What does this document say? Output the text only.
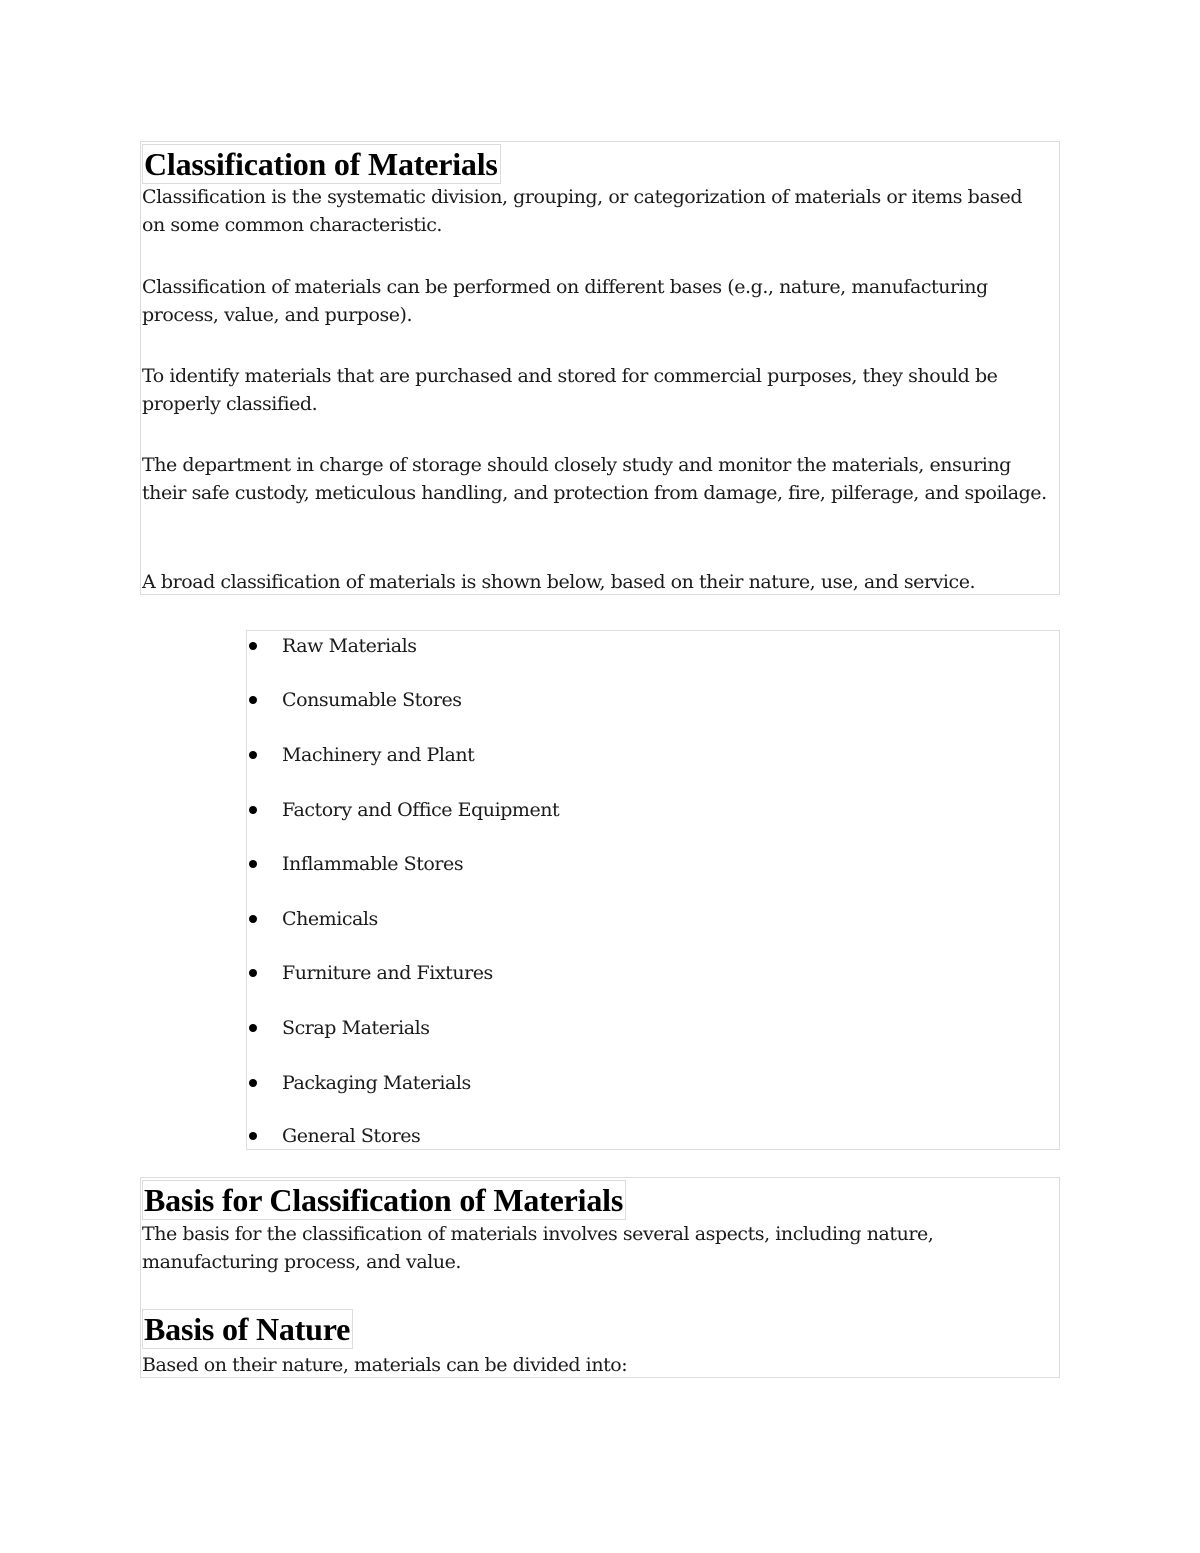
Classification of Materials

Classification is the systematic division, grouping, or categorization of materials or items based on some common characteristic.

Classification of materials can be performed on different bases (e.g., nature, manufacturing process, value, and purpose).

To identify materials that are purchased and stored for commercial purposes, they should be properly classified.

The department in charge of storage should closely study and monitor the materials, ensuring their safe custody, meticulous handling, and protection from damage, fire, pilferage, and spoilage.

A broad classification of materials is shown below, based on their nature, use, and service.

Raw Materials
Consumable Stores
Machinery and Plant
Factory and Office Equipment
Inflammable Stores
Chemicals
Furniture and Fixtures
Scrap Materials
Packaging Materials
General Stores
Basis for Classification of Materials

The basis for the classification of materials involves several aspects, including nature, manufacturing process, and value.

Basis of Nature

Based on their nature, materials can be divided into:
